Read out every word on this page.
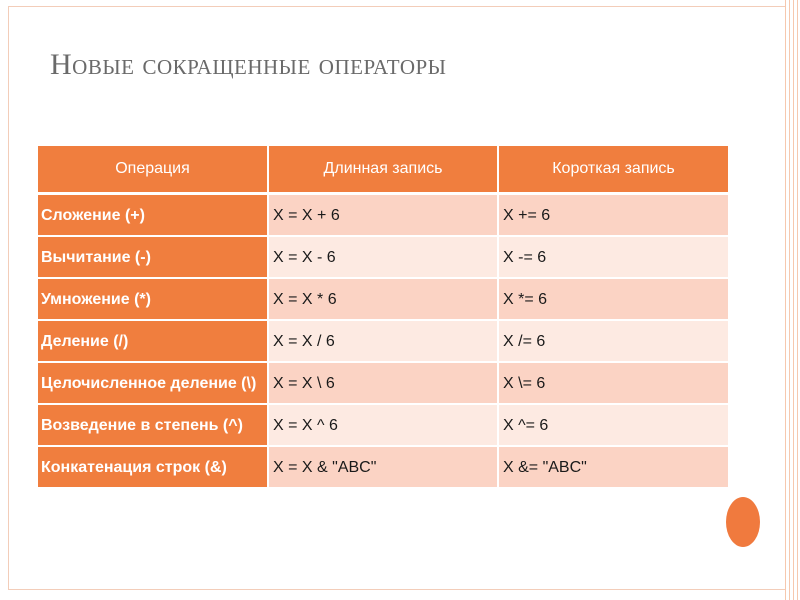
Новые сокращенные операторы
Операция	Длинная запись	Короткая запись
Сложение (+)	X = X + 6	X += 6
Вычитание (-)	X = X - 6	X -= 6
Умножение (*)	X = X * 6	X *= 6
Деление (/)	X = X / 6	X /= 6
Целочисленное деление (\)	X = X \ 6	X \= 6
Возведение в степень (^)	X = X ^ 6	X ^= 6
Конкатенация строк (&)	X = X & "ABC"	X &= "ABC"
